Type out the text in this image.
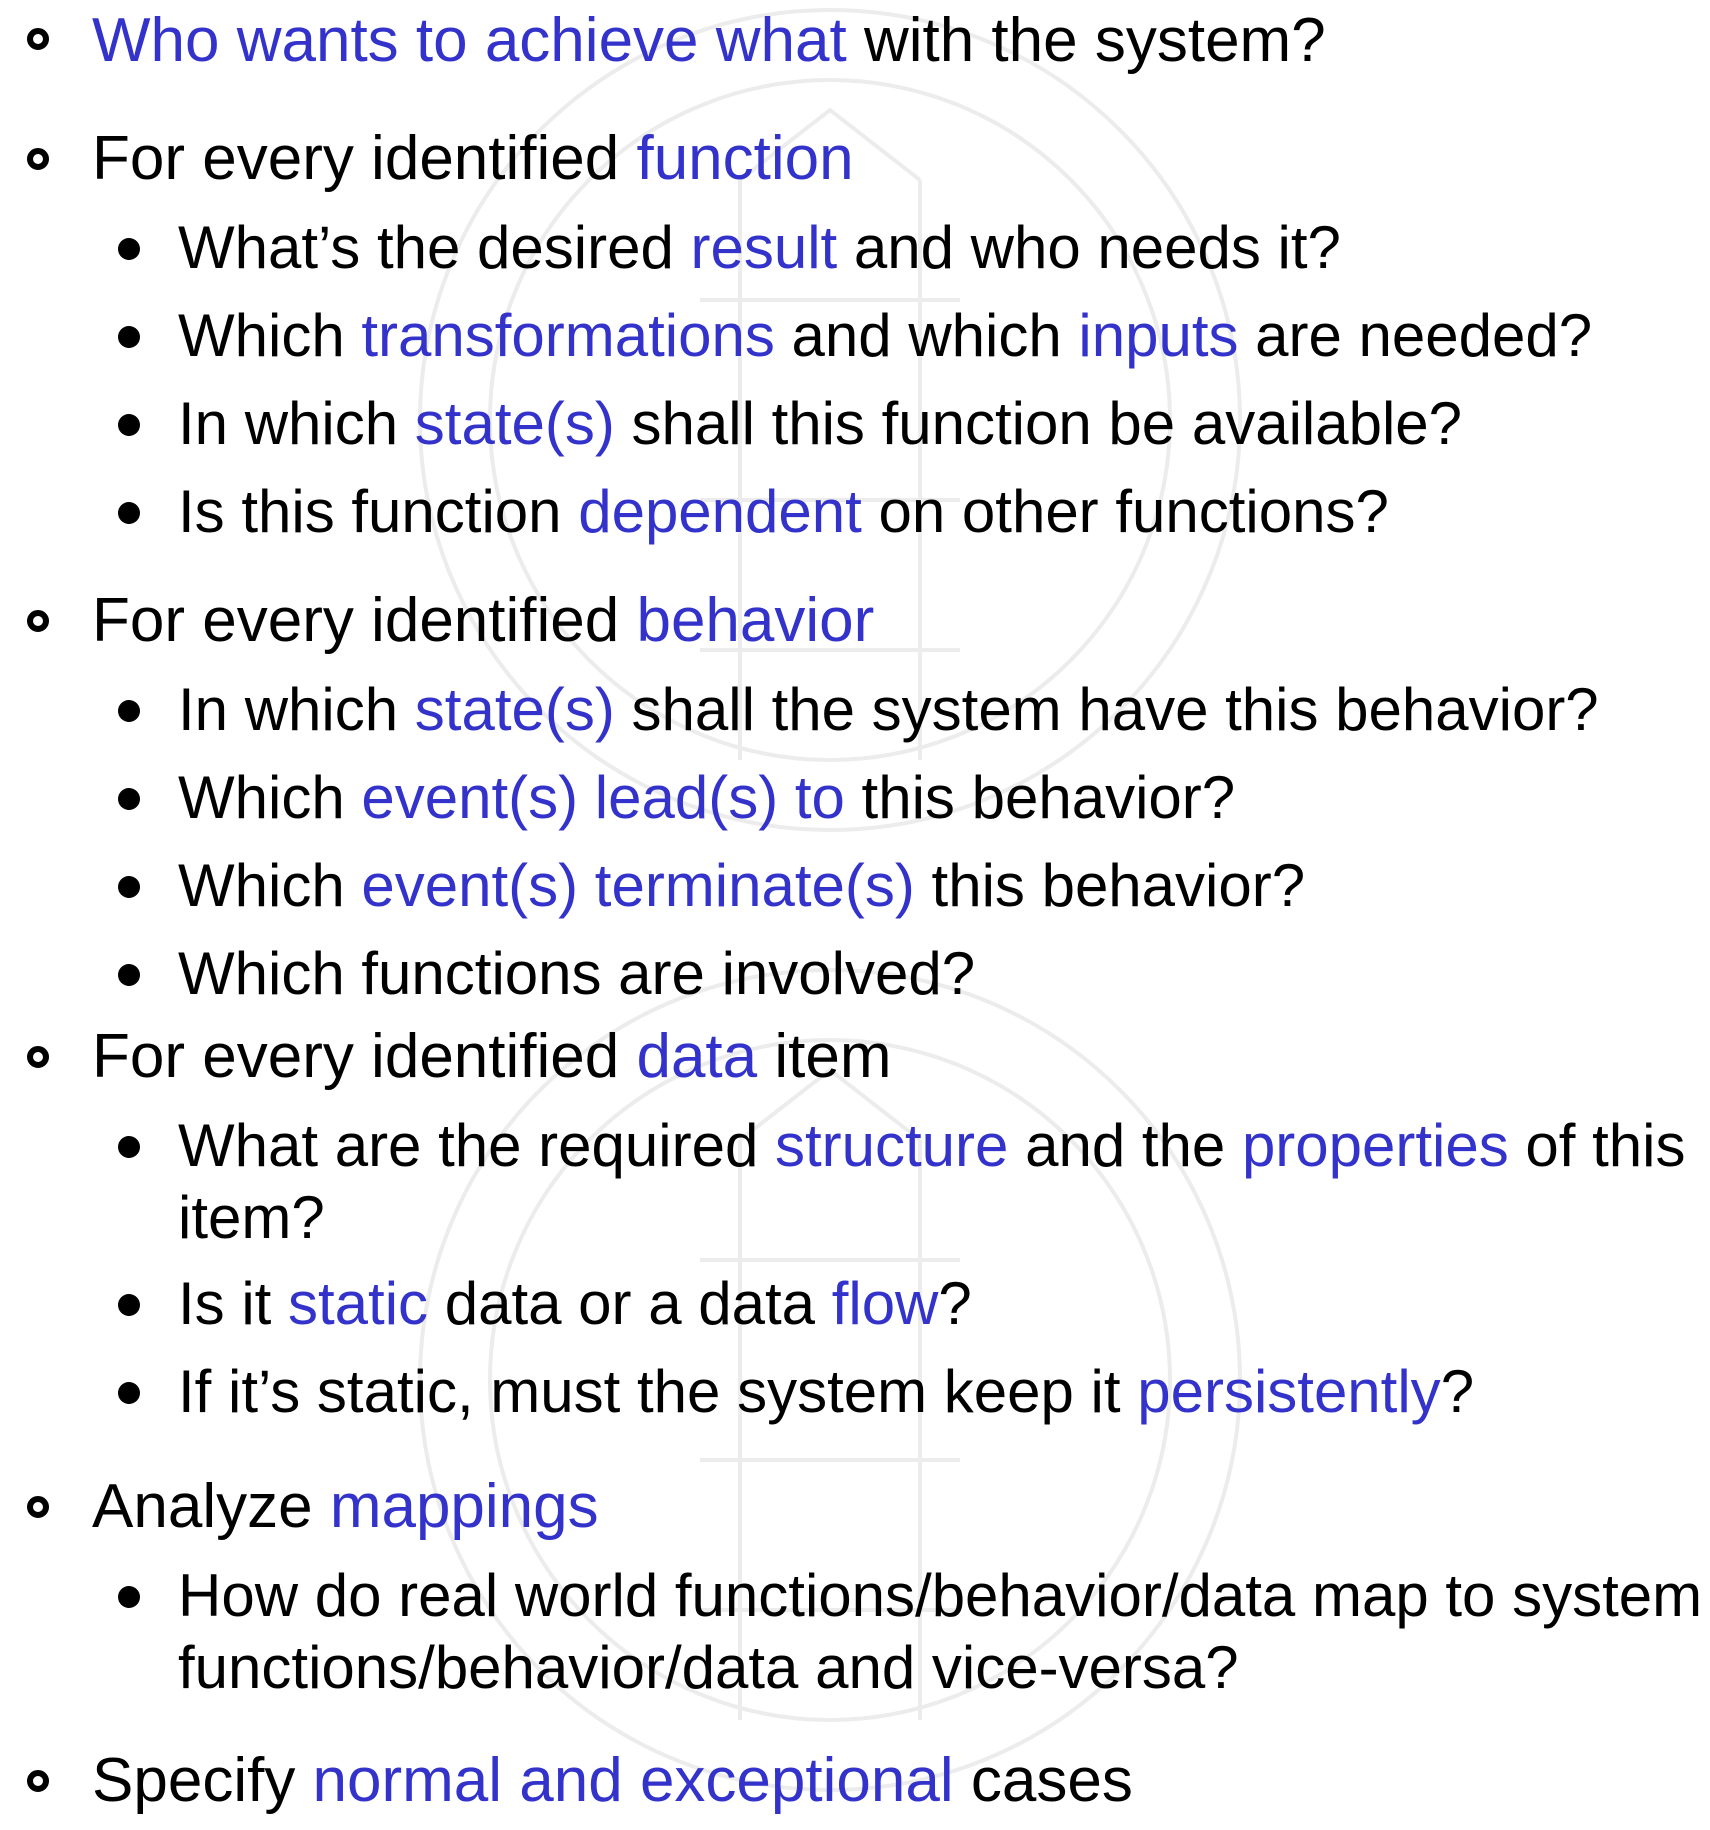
Who wants to achieve what with the system?
For every identified function
What’s the desired result and who needs it?
Which transformations and which inputs are needed?
In which state(s) shall this function be available?
Is this function dependent on other functions?
For every identified behavior
In which state(s) shall the system have this behavior?
Which event(s) lead(s) to this behavior?
Which event(s) terminate(s) this behavior?
Which functions are involved?
For every identified data item
What are the required structure and the properties of this
item?
Is it static data or a data flow?
If it’s static, must the system keep it persistently?
Analyze mappings
How do real world functions/behavior/data map to system
functions/behavior/data and vice-versa?
Specify normal and exceptional cases
